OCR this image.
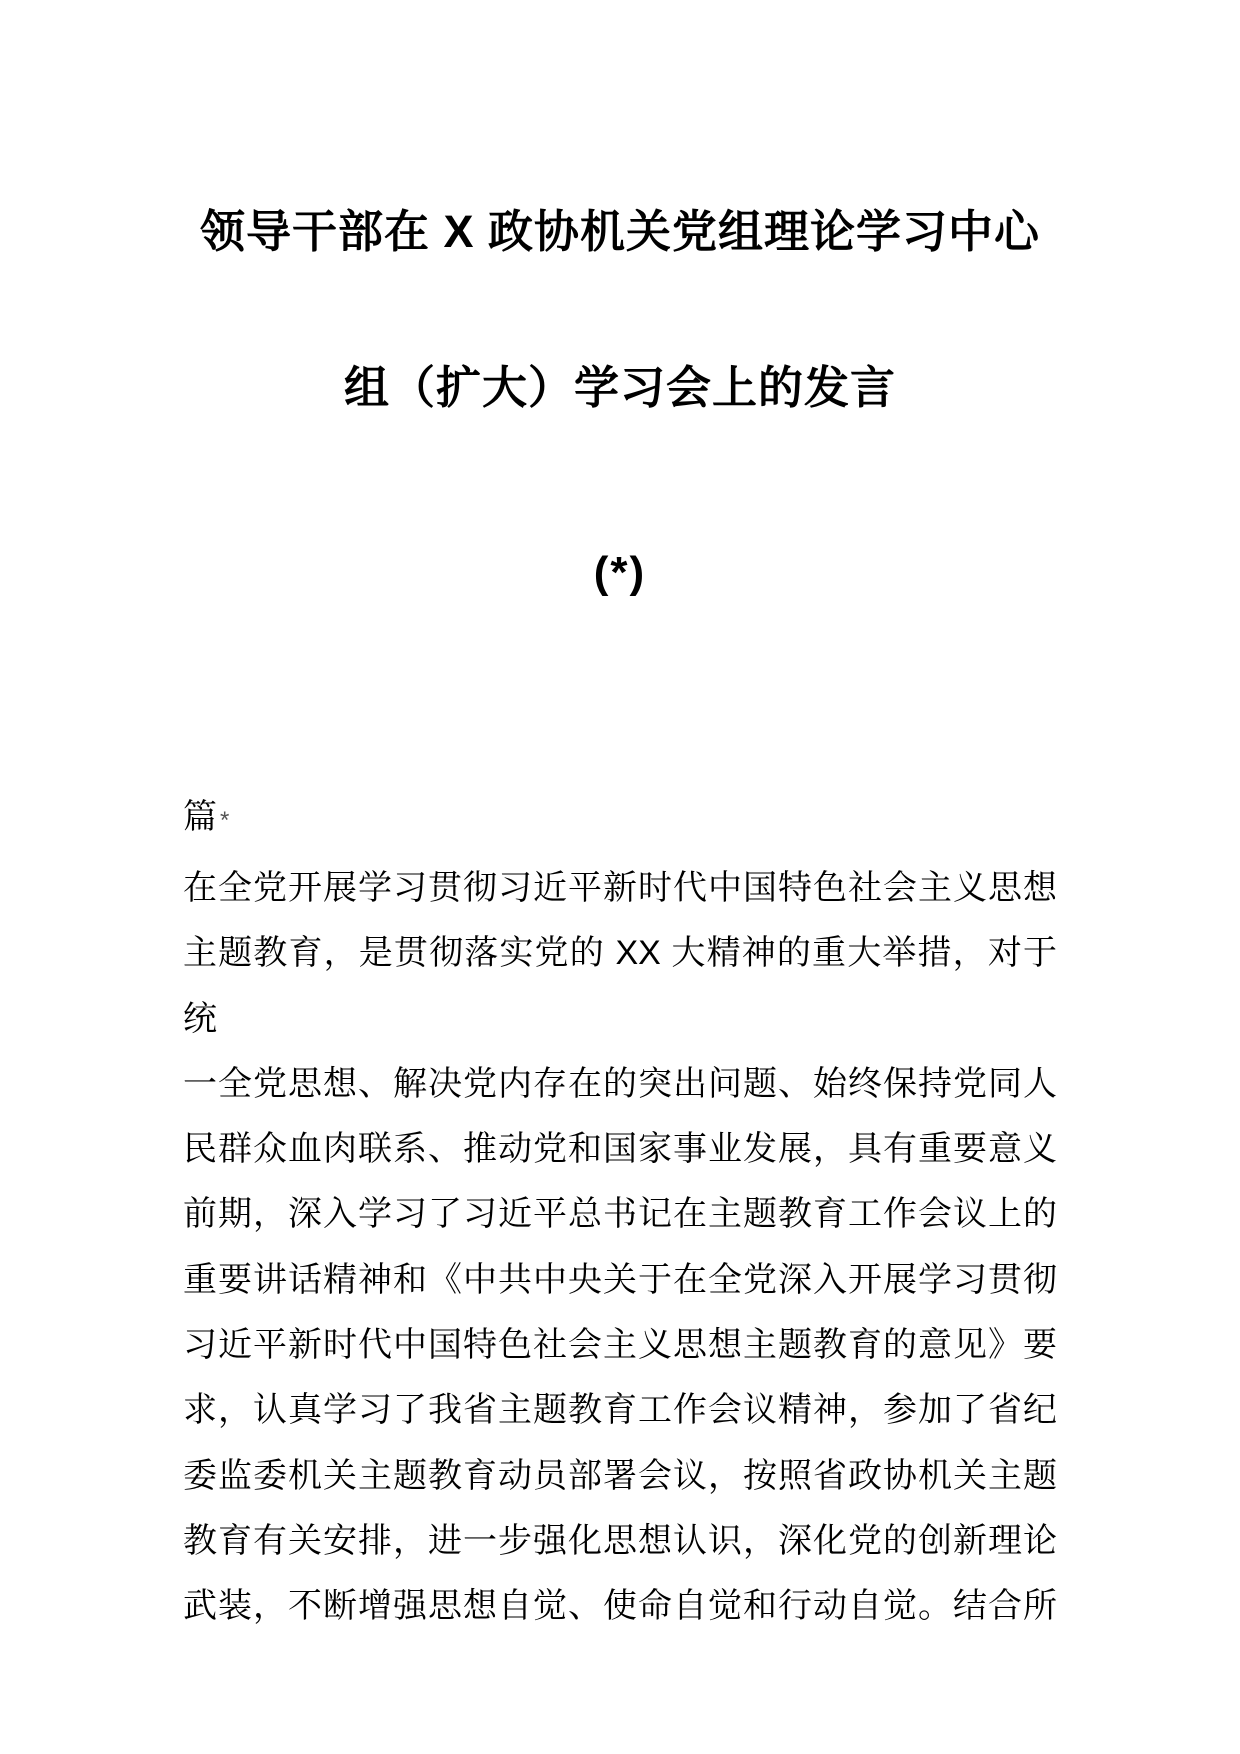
领导干部在 X 政协机关党组理论学习中心
组（扩大）学习会上的发言
(*)
篇 *
在全党开展学习贯彻习近平新时代中国特色社会主义思想
主题教育，是贯彻落实党的 XX 大精神的重大举措，对于统
一全党思想、解决党内存在的突出问题、始终保持党同人
民群众血肉联系、推动党和国家事业发展，具有重要意义
前期，深入学习了习近平总书记在主题教育工作会议上的
重要讲话精神和《中共中央关于在全党深入开展学习贯彻
习近平新时代中国特色社会主义思想主题教育的意见》要
求，认真学习了我省主题教育工作会议精神，参加了省纪
委监委机关主题教育动员部署会议，按照省政协机关主题
教育有关安排，进一步强化思想认识，深化党的创新理论
武装，不断增强思想自觉、使命自觉和行动自觉。结合所
